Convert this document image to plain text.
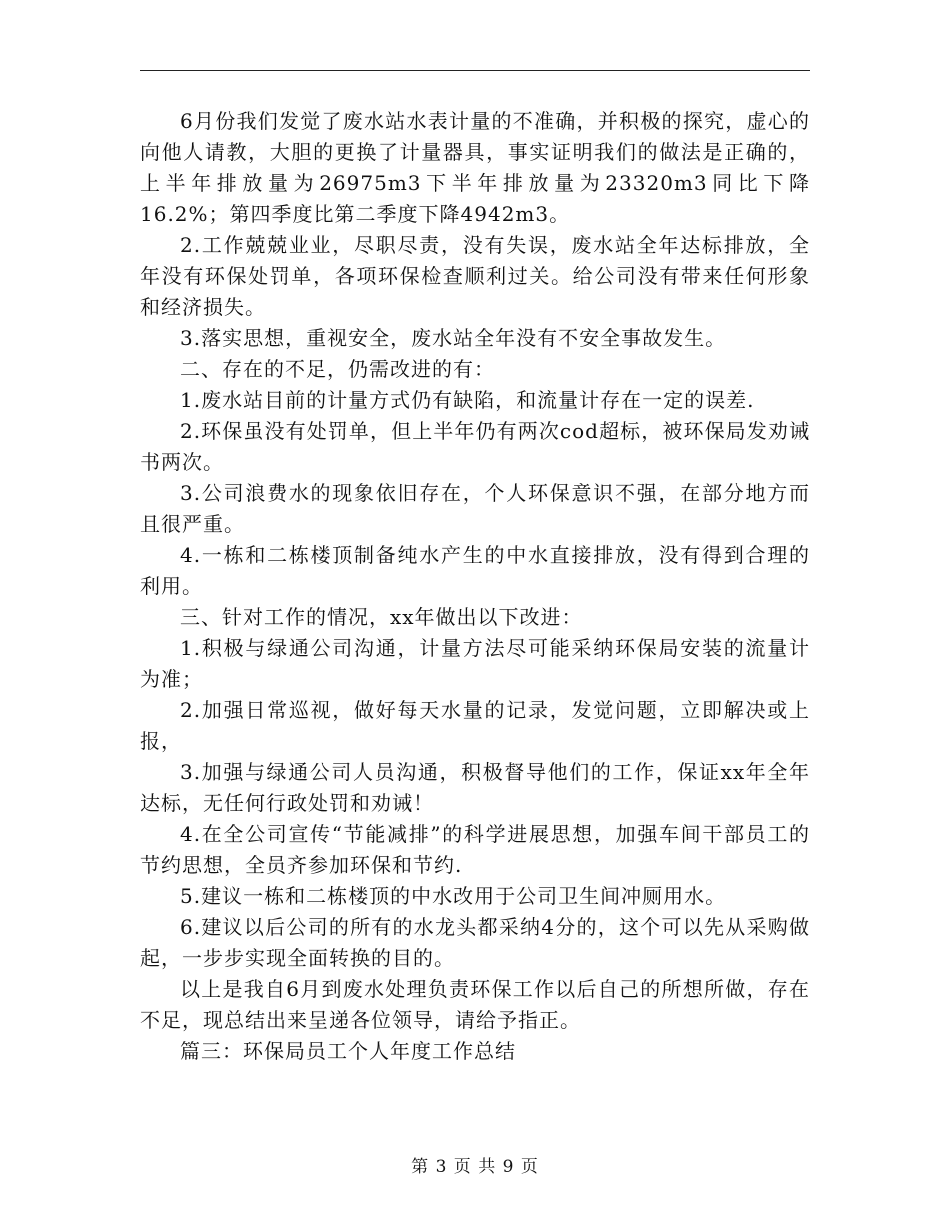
6月份我们发觉了废水站水表计量的不准确，并积极的探究，虚心的向他人请教，大胆的更换了计量器具，事实证明我们的做法是正确的，上半年排放量为26975m3下半年排放量为23320m3同比下降16.2%；第四季度比第二季度下降4942m3。

2.工作兢兢业业，尽职尽责，没有失误，废水站全年达标排放，全年没有环保处罚单，各项环保检查顺利过关。给公司没有带来任何形象和经济损失。

3.落实思想，重视安全，废水站全年没有不安全事故发生。

二、存在的不足，仍需改进的有：

1.废水站目前的计量方式仍有缺陷，和流量计存在一定的误差.

2.环保虽没有处罚单，但上半年仍有两次cod超标，被环保局发劝诫书两次。

3.公司浪费水的现象依旧存在，个人环保意识不强，在部分地方而且很严重。

4.一栋和二栋楼顶制备纯水产生的中水直接排放，没有得到合理的利用。

三、针对工作的情况，xx年做出以下改进：

1.积极与绿通公司沟通，计量方法尽可能采纳环保局安装的流量计为准；

2.加强日常巡视，做好每天水量的记录，发觉问题，立即解决或上报，

3.加强与绿通公司人员沟通，积极督导他们的工作，保证xx年全年达标，无任何行政处罚和劝诫！

4.在全公司宣传“节能减排”的科学进展思想，加强车间干部员工的节约思想，全员齐参加环保和节约.

5.建议一栋和二栋楼顶的中水改用于公司卫生间冲厕用水。

6.建议以后公司的所有的水龙头都采纳4分的，这个可以先从采购做起，一步步实现全面转换的目的。

以上是我自6月到废水处理负责环保工作以后自己的所想所做，存在不足，现总结出来呈递各位领导，请给予指正。

篇三：环保局员工个人年度工作总结

第 3 页 共 9 页
